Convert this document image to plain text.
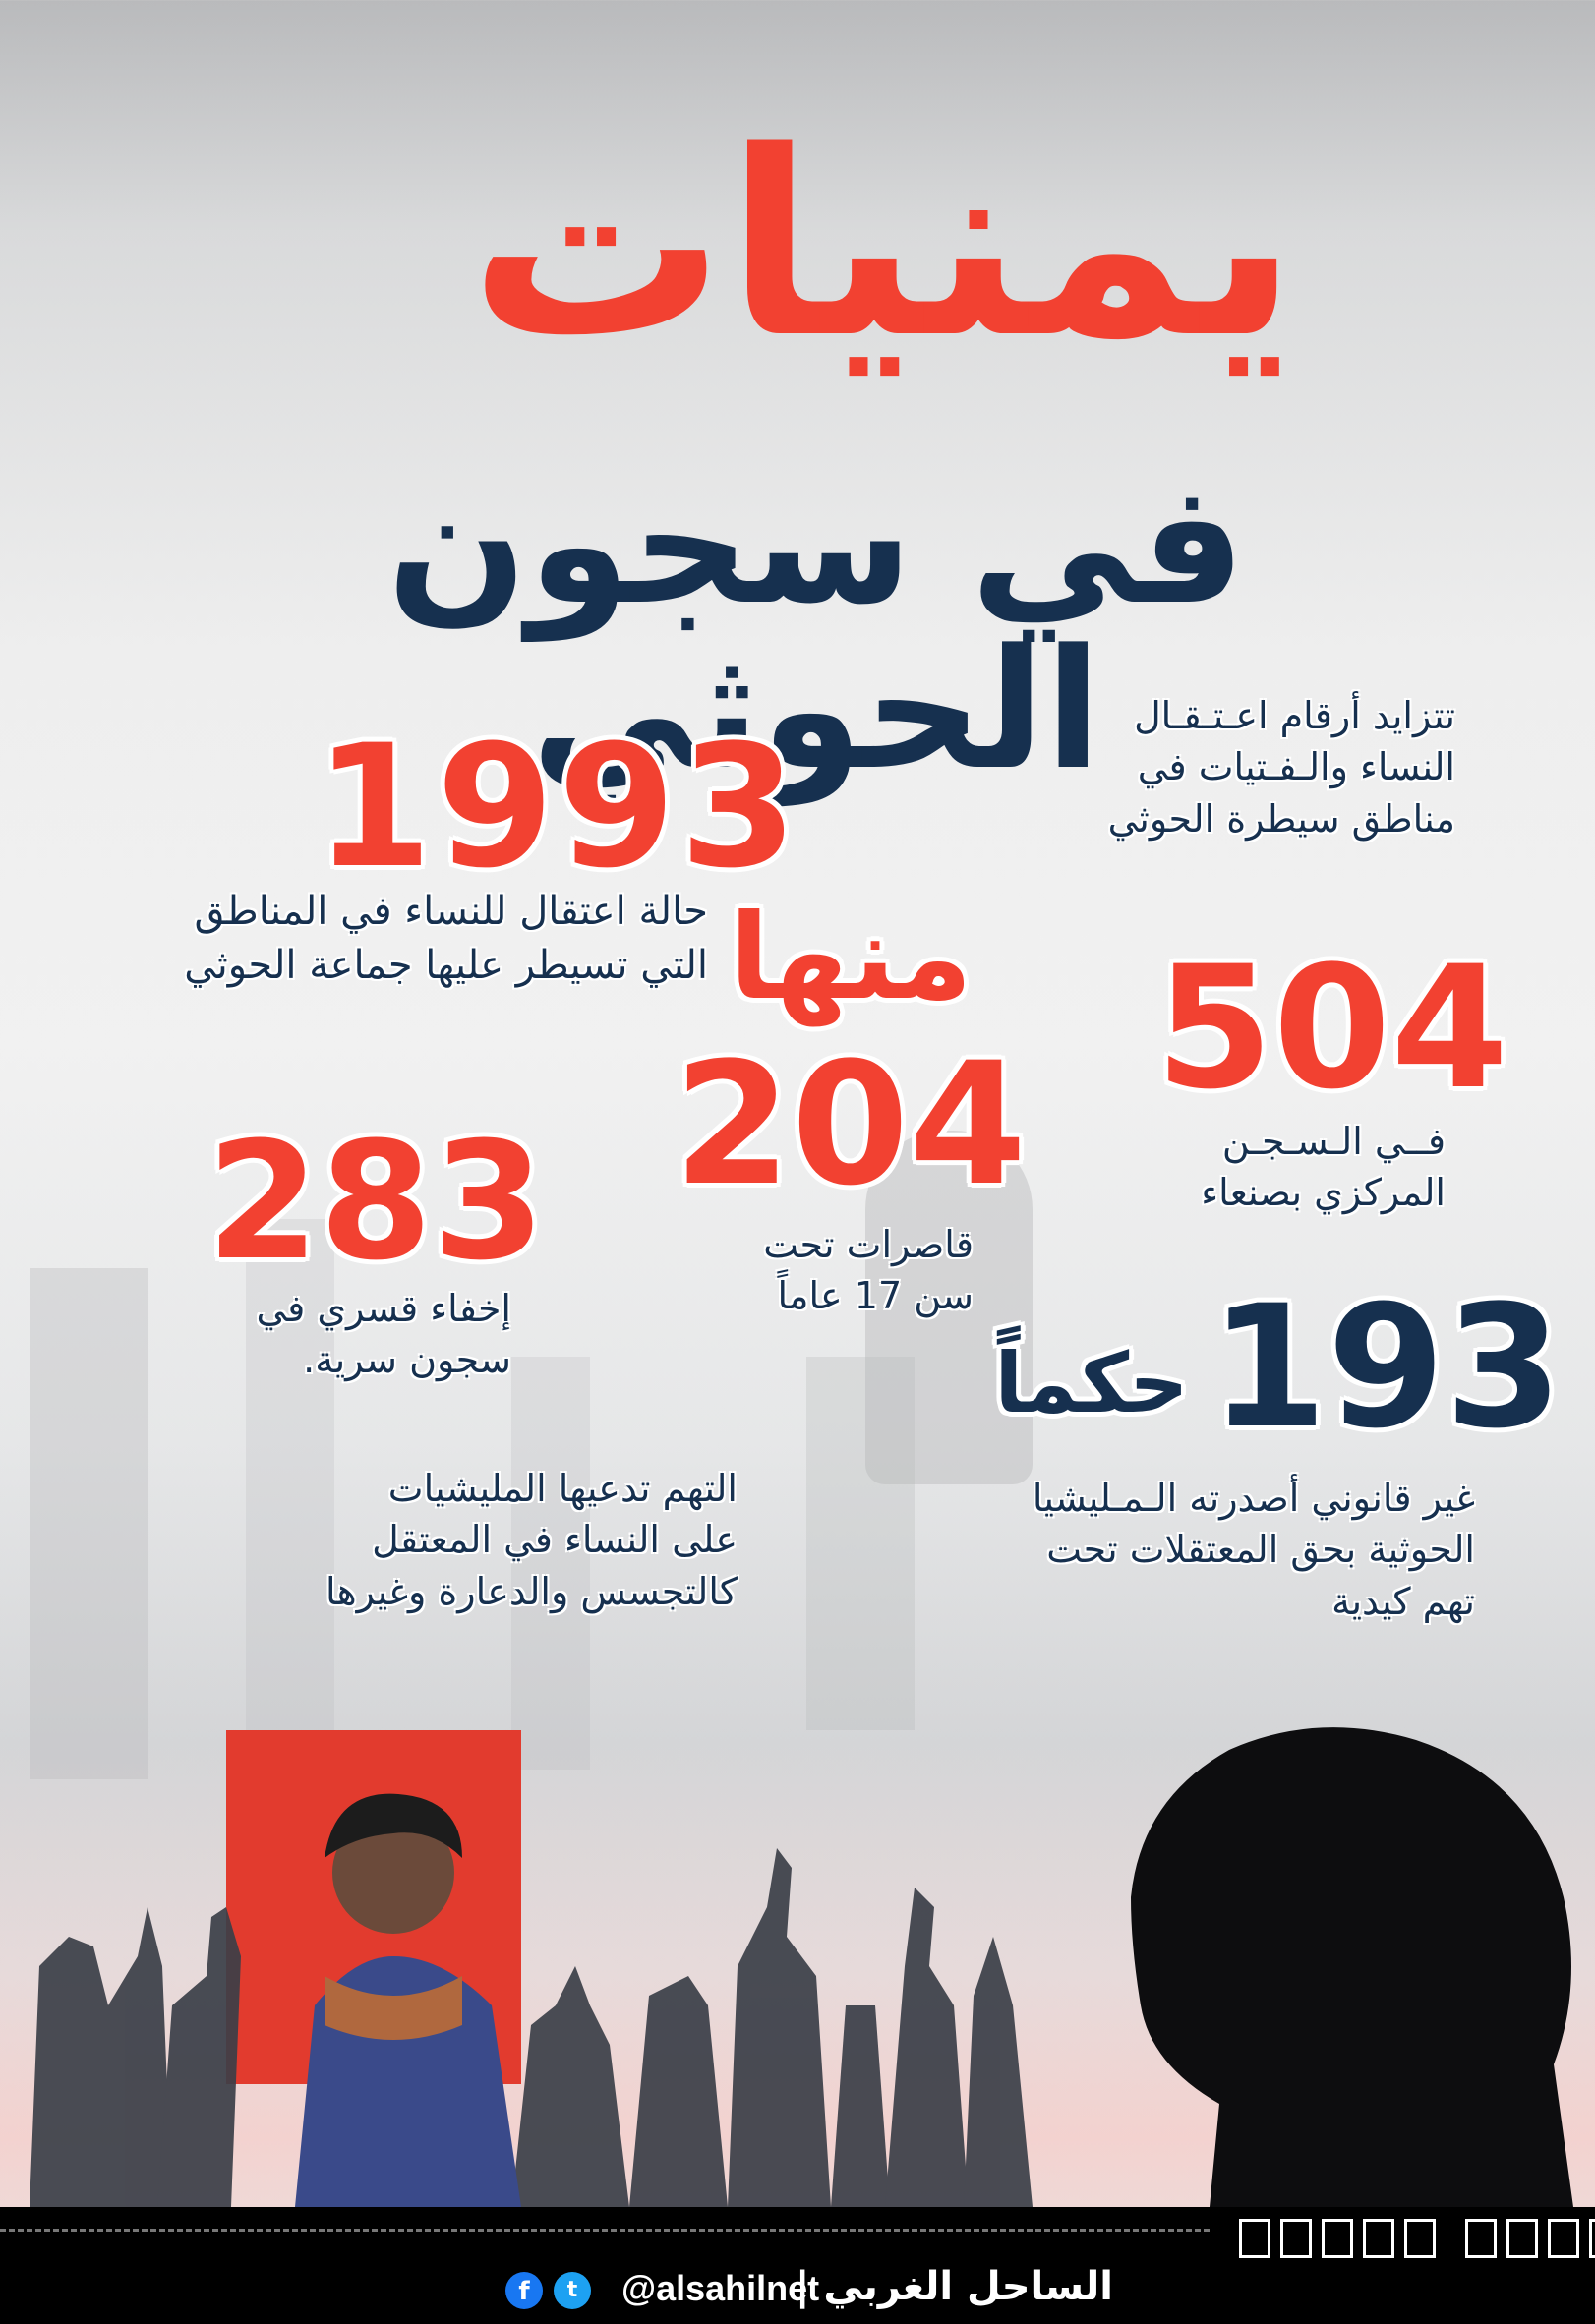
يمنيات
في سجون الحوثي تتزايد أرقام اعـتـقـال
النساء والـفـتيات في
مناطق سيطرة الحوثي
1993
حالة اعتقال للنساء في المناطق
التي تسيطر عليها جماعة الحوثي منها 504
فــي الـسـجـن
المركزي بصنعاء
204
قاصرات تحت
سن 17 عاماً
283
إخفاء قسري في
سجون سرية.	193
حكماً
غير قانوني أصدرته الـمـليشيا
الحوثية بحق المعتقلات تحت
تهم كيدية
التهم تدعيها المليشيات
على النساء في المعتقل
كالتجسس والدعارة وغيرها
الساحل الغربي |
@alsahilnet
t
f
